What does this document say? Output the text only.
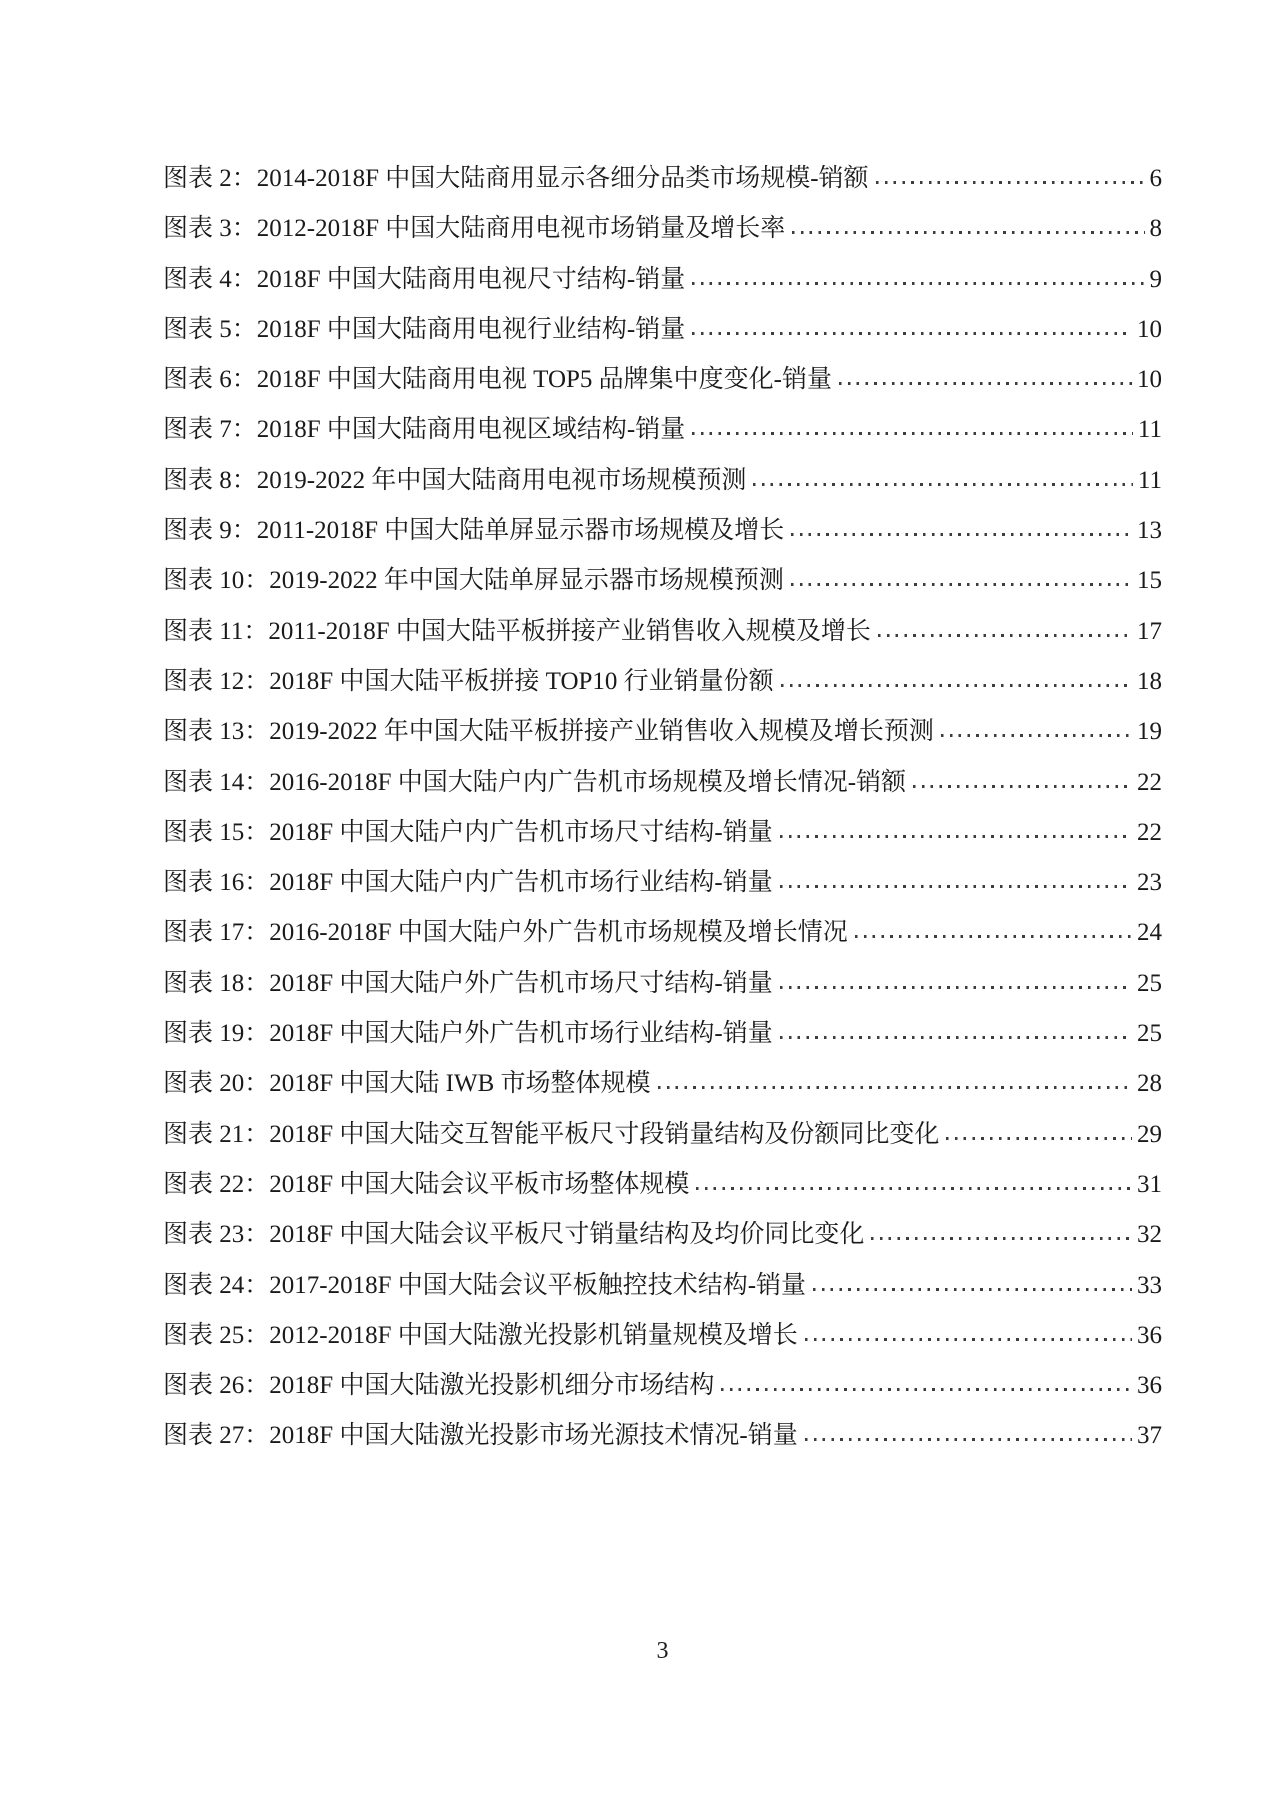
图表 2：2014-2018F 中国大陆商用显示各细分品类市场规模-销额	6
图表 3：2012-2018F 中国大陆商用电视市场销量及增长率	8
图表 4：2018F 中国大陆商用电视尺寸结构-销量	9
图表 5：2018F 中国大陆商用电视行业结构-销量	10
图表 6：2018F 中国大陆商用电视 TOP5 品牌集中度变化-销量	10
图表 7：2018F 中国大陆商用电视区域结构-销量	11
图表 8：2019-2022 年中国大陆商用电视市场规模预测	11
图表 9：2011-2018F 中国大陆单屏显示器市场规模及增长	13
图表 10：2019-2022 年中国大陆单屏显示器市场规模预测	15
图表 11：2011-2018F 中国大陆平板拼接产业销售收入规模及增长	17
图表 12：2018F 中国大陆平板拼接 TOP10 行业销量份额	18
图表 13：2019-2022 年中国大陆平板拼接产业销售收入规模及增长预测	19
图表 14：2016-2018F 中国大陆户内广告机市场规模及增长情况-销额	22
图表 15：2018F 中国大陆户内广告机市场尺寸结构-销量	22
图表 16：2018F 中国大陆户内广告机市场行业结构-销量	23
图表 17：2016-2018F 中国大陆户外广告机市场规模及增长情况	24
图表 18：2018F 中国大陆户外广告机市场尺寸结构-销量	25
图表 19：2018F 中国大陆户外广告机市场行业结构-销量	25
图表 20：2018F 中国大陆 IWB 市场整体规模	28
图表 21：2018F 中国大陆交互智能平板尺寸段销量结构及份额同比变化	29
图表 22：2018F 中国大陆会议平板市场整体规模	31
图表 23：2018F 中国大陆会议平板尺寸销量结构及均价同比变化	32
图表 24：2017-2018F 中国大陆会议平板触控技术结构-销量	33
图表 25：2012-2018F 中国大陆激光投影机销量规模及增长	36
图表 26：2018F 中国大陆激光投影机细分市场结构	36
图表 27：2018F 中国大陆激光投影市场光源技术情况-销量	37
3
